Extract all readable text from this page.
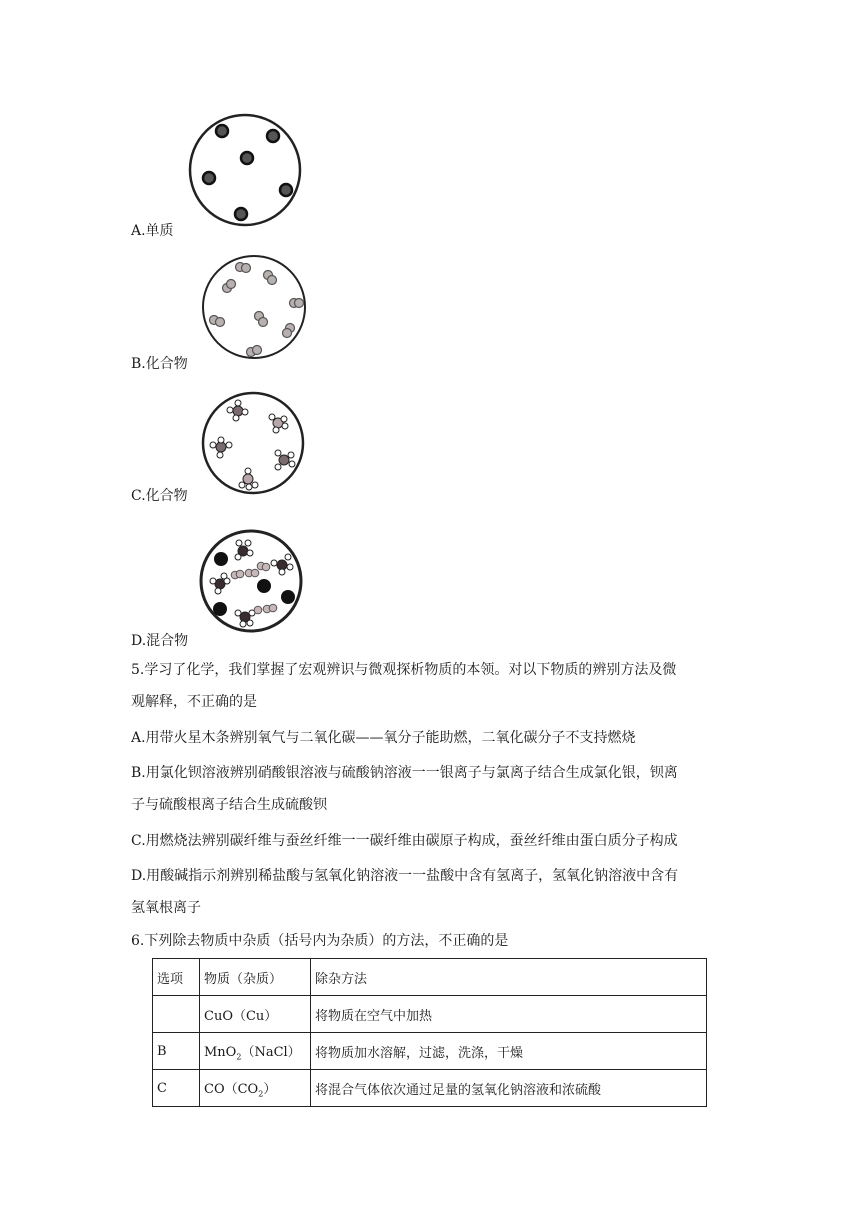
A.单质
B.化合物
C.化合物
D.混合物
5.学习了化学，我们掌握了宏观辨识与微观探析物质的本领。对以下物质的辨别方法及微
观解释，不正确的是
A.用带火星木条辨别氧气与二氧化碳——氧分子能助燃，二氧化碳分子不支持燃烧
B.用氯化钡溶液辨别硝酸银溶液与硫酸钠溶液一一银离子与氯离子结合生成氯化银，钡离
子与硫酸根离子结合生成硫酸钡
C.用燃烧法辨别碳纤维与蚕丝纤维一一碳纤维由碳原子构成，蚕丝纤维由蛋白质分子构成
D.用酸碱指示剂辨别稀盐酸与氢氧化钠溶液一一盐酸中含有氢离子，氢氧化钠溶液中含有
氢氧根离子
6.下列除去物质中杂质（括号内为杂质）的方法，不正确的是
选项	物质（杂质）	除杂方法
	CuO（Cu）	将物质在空气中加热
B	MnO$_2$（NaCl）	将物质加水溶解，过滤，洗涤，干燥
C	$CO(CO_2)$	将混合气体依次通过足量的氢氧化钠溶液和浓硫酸
